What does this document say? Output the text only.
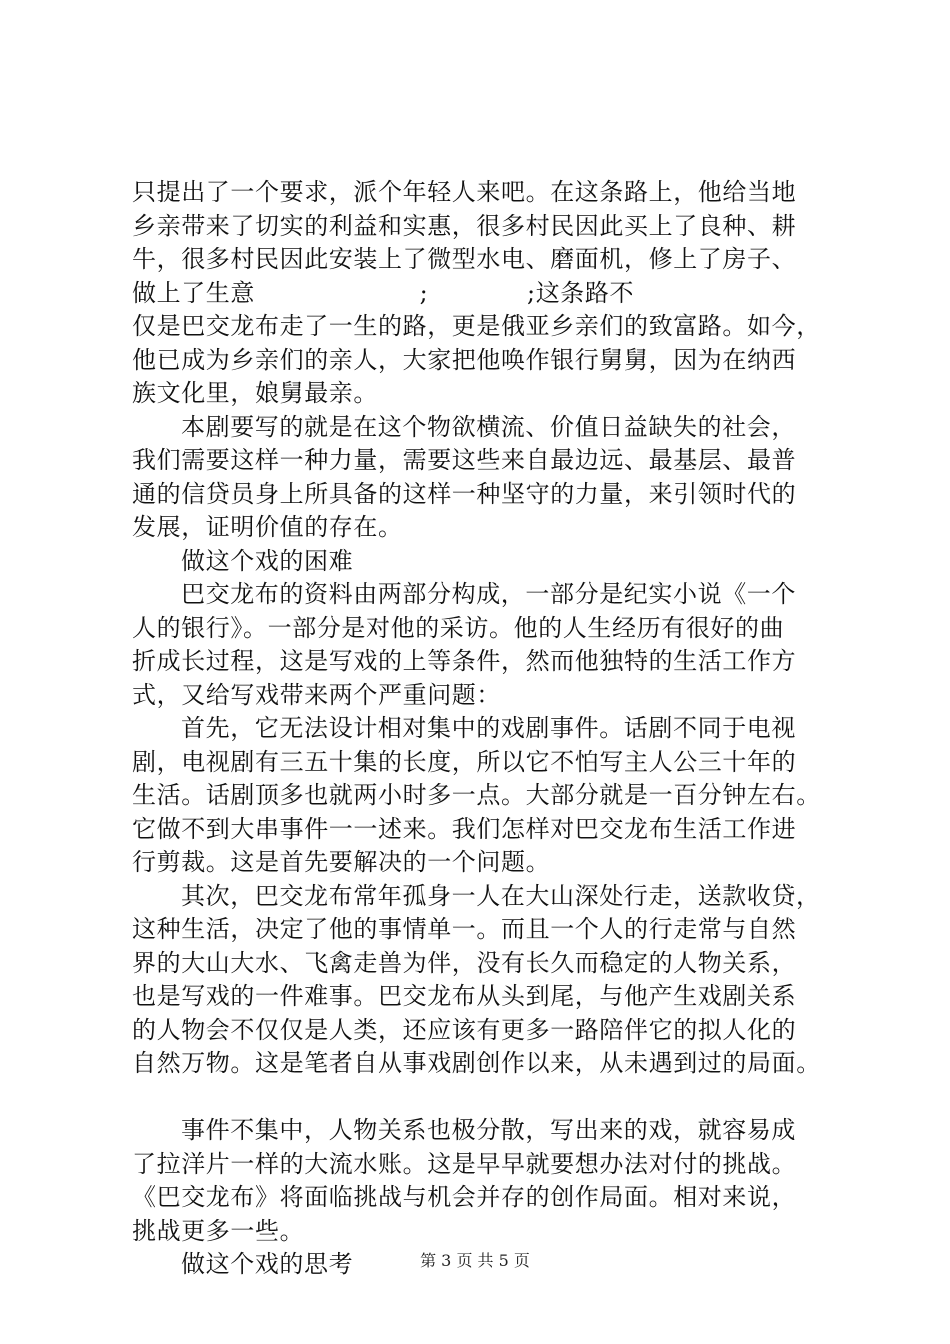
只提出了一个要求，派个年轻人来吧。在这条路上，他给当地
乡亲带来了切实的利益和实惠，很多村民因此买上了良种、耕
牛，很多村民因此安装上了微型水电、磨面机，修上了房子、
做上了生意                    ;            ;这条路不
仅是巴交龙布走了一生的路，更是俄亚乡亲们的致富路。如今，
他已成为乡亲们的亲人，大家把他唤作银行舅舅，因为在纳西
族文化里，娘舅最亲。
本剧要写的就是在这个物欲横流、价值日益缺失的社会，
我们需要这样一种力量，需要这些来自最边远、最基层、最普
通的信贷员身上所具备的这样一种坚守的力量，来引领时代的
发展，证明价值的存在。
做这个戏的困难
巴交龙布的资料由两部分构成，一部分是纪实小说《一个
人的银行》。一部分是对他的采访。他的人生经历有很好的曲
折成长过程，这是写戏的上等条件，然而他独特的生活工作方
式，又给写戏带来两个严重问题：
首先，它无法设计相对集中的戏剧事件。话剧不同于电视
剧，电视剧有三五十集的长度，所以它不怕写主人公三十年的
生活。话剧顶多也就两小时多一点。大部分就是一百分钟左右。
它做不到大串事件一一述来。我们怎样对巴交龙布生活工作进
行剪裁。这是首先要解决的一个问题。
其次，巴交龙布常年孤身一人在大山深处行走，送款收贷，
这种生活，决定了他的事情单一。而且一个人的行走常与自然
界的大山大水、飞禽走兽为伴，没有长久而稳定的人物关系，
也是写戏的一件难事。巴交龙布从头到尾，与他产生戏剧关系
的人物会不仅仅是人类，还应该有更多一路陪伴它的拟人化的
自然万物。这是笔者自从事戏剧创作以来，从未遇到过的局面。
事件不集中，人物关系也极分散，写出来的戏，就容易成
了拉洋片一样的大流水账。这是早早就要想办法对付的挑战。
《巴交龙布》将面临挑战与机会并存的创作局面。相对来说，
挑战更多一些。
做这个戏的思考	第 3 页 共 5 页
